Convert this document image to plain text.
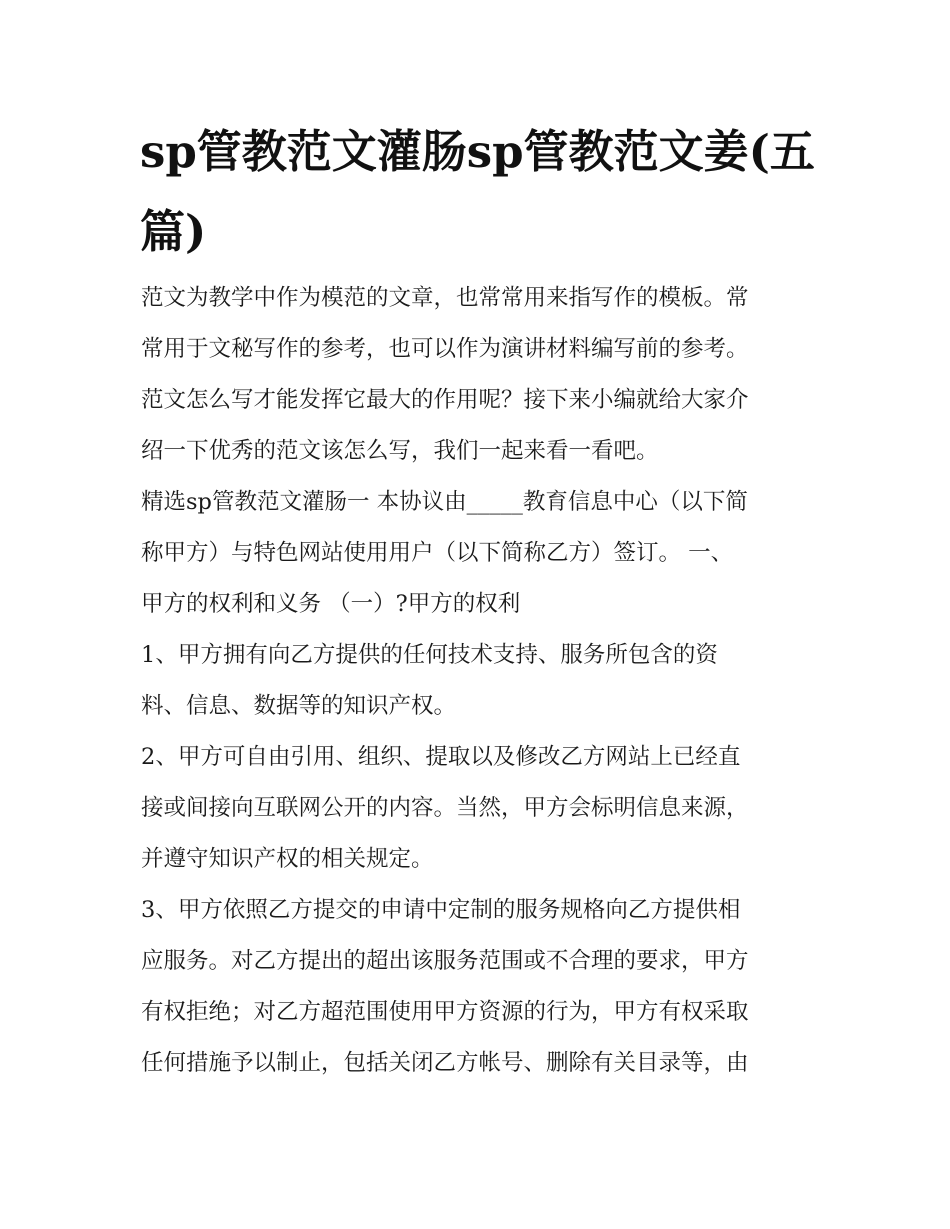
sp管教范文灌肠sp管教范文姜(五篇)

范文为教学中作为模范的文章，也常常用来指写作的模板。常

常用于文秘写作的参考，也可以作为演讲材料编写前的参考。

范文怎么写才能发挥它最大的作用呢？接下来小编就给大家介

绍一下优秀的范文该怎么写，我们一起来看一看吧。

精选sp管教范文灌肠一 本协议由_____教育信息中心（以下简

称甲方）与特色网站使用用户（以下简称乙方）签订。 一、

甲方的权利和义务 （一）?甲方的权利

1、甲方拥有向乙方提供的任何技术支持、服务所包含的资

料、信息、数据等的知识产权。

2、甲方可自由引用、组织、提取以及修改乙方网站上已经直

接或间接向互联网公开的内容。当然，甲方会标明信息来源，

并遵守知识产权的相关规定。

3、甲方依照乙方提交的申请中定制的服务规格向乙方提供相

应服务。对乙方提出的超出该服务范围或不合理的要求，甲方

有权拒绝；对乙方超范围使用甲方资源的行为，甲方有权采取

任何措施予以制止，包括关闭乙方帐号、删除有关目录等，由
